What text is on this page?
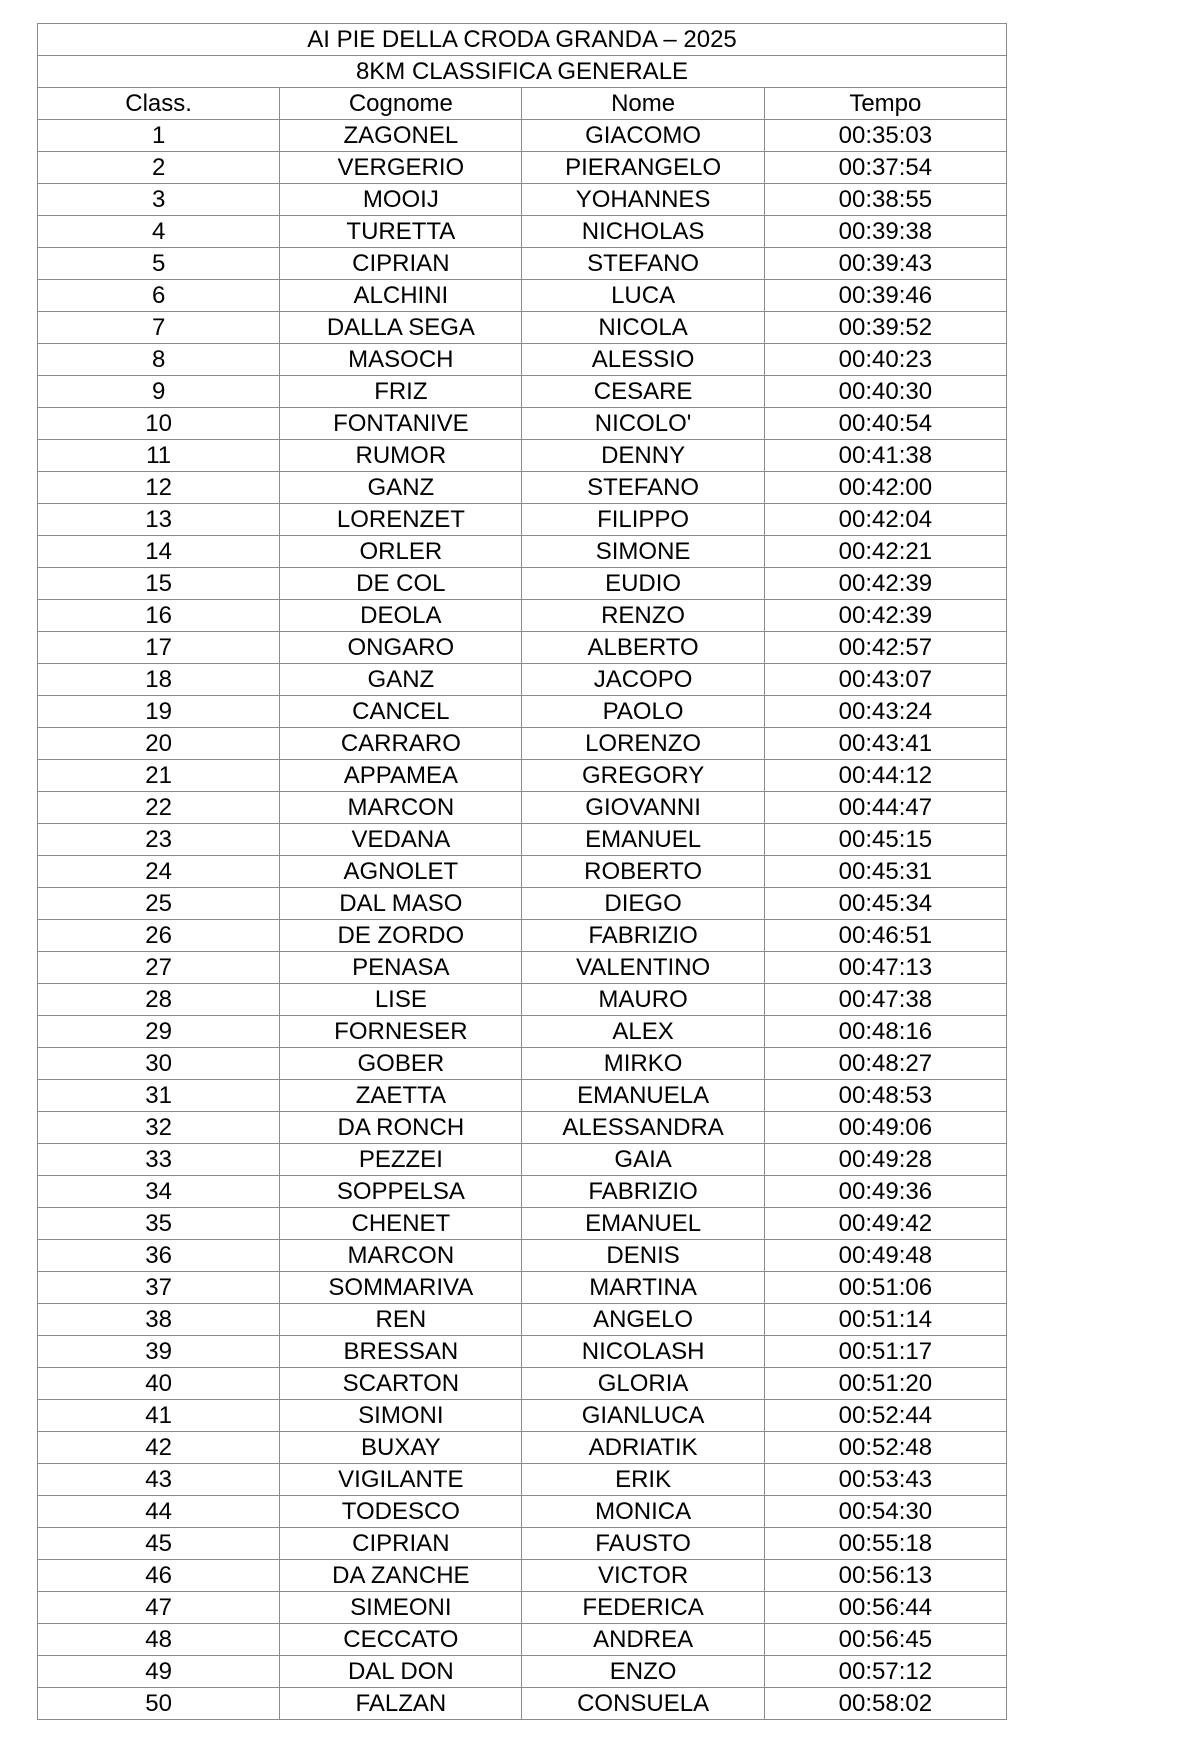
AI PIE DELLA CRODA GRANDA – 2025			
8KM CLASSIFICA GENERALE			
Class.	Cognome	Nome	Tempo
1	ZAGONEL	GIACOMO	00:35:03
2	VERGERIO	PIERANGELO	00:37:54
3	MOOIJ	YOHANNES	00:38:55
4	TURETTA	NICHOLAS	00:39:38
5	CIPRIAN	STEFANO	00:39:43
6	ALCHINI	LUCA	00:39:46
7	DALLA SEGA	NICOLA	00:39:52
8	MASOCH	ALESSIO	00:40:23
9	FRIZ	CESARE	00:40:30
10	FONTANIVE	NICOLO'	00:40:54
11	RUMOR	DENNY	00:41:38
12	GANZ	STEFANO	00:42:00
13	LORENZET	FILIPPO	00:42:04
14	ORLER	SIMONE	00:42:21
15	DE COL	EUDIO	00:42:39
16	DEOLA	RENZO	00:42:39
17	ONGARO	ALBERTO	00:42:57
18	GANZ	JACOPO	00:43:07
19	CANCEL	PAOLO	00:43:24
20	CARRARO	LORENZO	00:43:41
21	APPAMEA	GREGORY	00:44:12
22	MARCON	GIOVANNI	00:44:47
23	VEDANA	EMANUEL	00:45:15
24	AGNOLET	ROBERTO	00:45:31
25	DAL MASO	DIEGO	00:45:34
26	DE ZORDO	FABRIZIO	00:46:51
27	PENASA	VALENTINO	00:47:13
28	LISE	MAURO	00:47:38
29	FORNESER	ALEX	00:48:16
30	GOBER	MIRKO	00:48:27
31	ZAETTA	EMANUELA	00:48:53
32	DA RONCH	ALESSANDRA	00:49:06
33	PEZZEI	GAIA	00:49:28
34	SOPPELSA	FABRIZIO	00:49:36
35	CHENET	EMANUEL	00:49:42
36	MARCON	DENIS	00:49:48
37	SOMMARIVA	MARTINA	00:51:06
38	REN	ANGELO	00:51:14
39	BRESSAN	NICOLASH	00:51:17
40	SCARTON	GLORIA	00:51:20
41	SIMONI	GIANLUCA	00:52:44
42	BUXAY	ADRIATIK	00:52:48
43	VIGILANTE	ERIK	00:53:43
44	TODESCO	MONICA	00:54:30
45	CIPRIAN	FAUSTO	00:55:18
46	DA ZANCHE	VICTOR	00:56:13
47	SIMEONI	FEDERICA	00:56:44
48	CECCATO	ANDREA	00:56:45
49	DAL DON	ENZO	00:57:12
50	FALZAN	CONSUELA	00:58:02
